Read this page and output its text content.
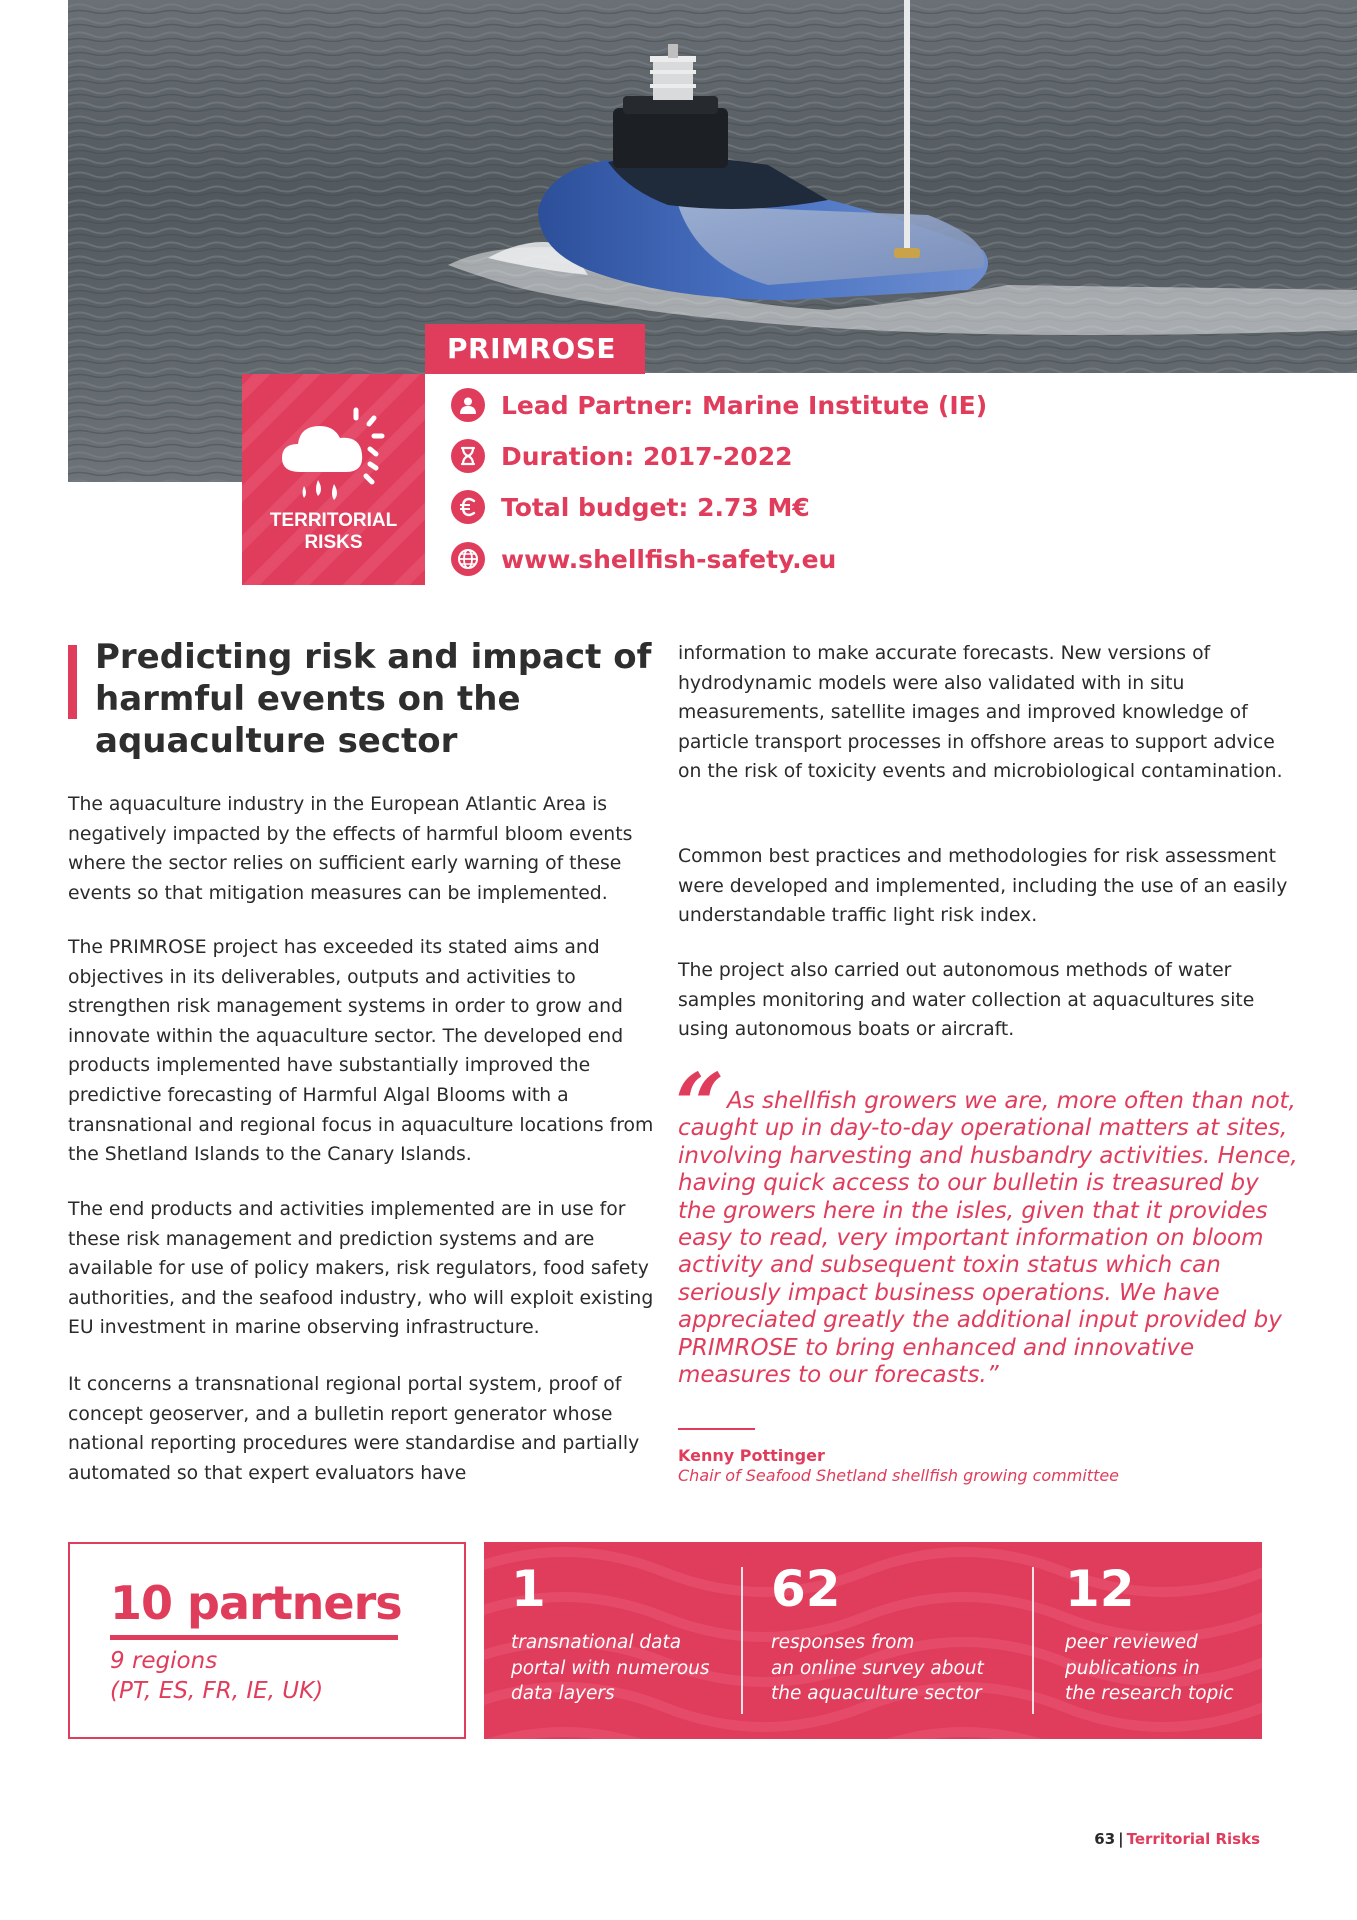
PRIMROSE
TERRITORIAL RISKS
Lead Partner: Marine Institute (IE)
Duration: 2017-2022
Total budget: 2.73 M€
www.shellfish-safety.eu
Predicting risk and impact of harmful events on the aquaculture sector

The aquaculture industry in the European Atlantic Area is negatively impacted by the effects of harmful bloom events where the sector relies on sufficient early warning of these events so that mitigation measures can be implemented.

The PRIMROSE project has exceeded its stated aims and objectives in its deliverables, outputs and activities to strengthen risk management systems in order to grow and innovate within the aquaculture sector. The developed end products implemented have substantially improved the predictive forecasting of Harmful Algal Blooms with a transnational and regional focus in aquaculture locations from the Shetland Islands to the Canary Islands.

The end products and activities implemented are in use for these risk management and prediction systems and are available for use of policy makers, risk regulators, food safety authorities, and the seafood industry, who will exploit existing EU investment in marine observing infrastructure.

It concerns a transnational regional portal system, proof of concept geoserver, and a bulletin report generator whose national reporting procedures were standardise and partially automated so that expert evaluators have

information to make accurate forecasts. New versions of hydrodynamic models were also validated with in situ measurements, satellite images and improved knowledge of particle transport processes in offshore areas to support advice on the risk of toxicity events and microbiological contamination.

Common best practices and methodologies for risk assessment were developed and implemented, including the use of an easily understandable traffic light risk index.

The project also carried out autonomous methods of water samples monitoring and water collection at aquacultures site using autonomous boats or aircraft.

“ As shellfish growers we are, more often than not, caught up in day-to-day operational matters at sites, involving harvesting and husbandry activities. Hence, having quick access to our bulletin is treasured by the growers here in the isles, given that it provides easy to read, very important information on bloom activity and subsequent toxin status which can seriously impact business operations. We have appreciated greatly the additional input provided by PRIMROSE to bring enhanced and innovative measures to our forecasts.”

Kenny Pottinger
Chair of Seafood Shetland shellfish growing committee
10 partners
9 regions
(PT, ES, FR, IE, UK)
1
transnational data
portal with numerous
data layers
62
responses from
an online survey about
the aquaculture sector
12
peer reviewed
publications in
the research topic
63 | Territorial Risks
